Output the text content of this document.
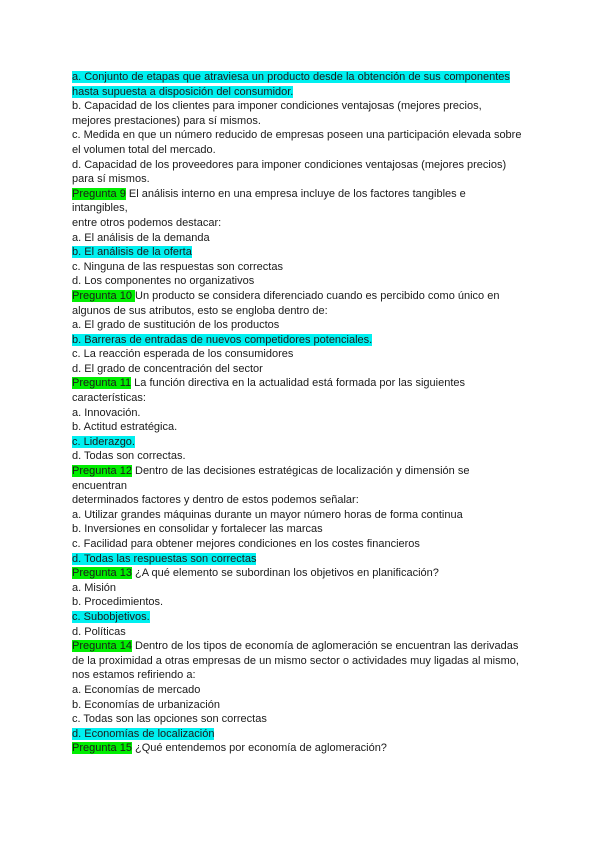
a. Conjunto de etapas que atraviesa un producto desde la obtención de sus componentes
hasta supuesta a disposición del consumidor.
b. Capacidad de los clientes para imponer condiciones ventajosas (mejores precios,
mejores prestaciones) para sí mismos.
c. Medida en que un número reducido de empresas poseen una participación elevada sobre
el volumen total del mercado.
d. Capacidad de los proveedores para imponer condiciones ventajosas (mejores precios)
para sí mismos.
Pregunta 9 El análisis interno en una empresa incluye de los factores tangibles e
intangibles,
entre otros podemos destacar:
a. El análisis de la demanda
b. El análisis de la oferta
c. Ninguna de las respuestas son correctas
d. Los componentes no organizativos
Pregunta 10 Un producto se considera diferenciado cuando es percibido como único en
algunos de sus atributos, esto se engloba dentro de:
a. El grado de sustitución de los productos
b. Barreras de entradas de nuevos competidores potenciales.
c. La reacción esperada de los consumidores
d. El grado de concentración del sector
Pregunta 11 La función directiva en la actualidad está formada por las siguientes
características:
a. Innovación.
b. Actitud estratégica.
c. Liderazgo.
d. Todas son correctas.
Pregunta 12 Dentro de las decisiones estratégicas de localización y dimensión se
encuentran
determinados factores y dentro de estos podemos señalar:
a. Utilizar grandes máquinas durante un mayor número horas de forma continua
b. Inversiones en consolidar y fortalecer las marcas
c. Facilidad para obtener mejores condiciones en los costes financieros
d. Todas las respuestas son correctas
Pregunta 13 ¿A qué elemento se subordinan los objetivos en planificación?
a. Misión
b. Procedimientos.
c. Subobjetivos.
d. Políticas
Pregunta 14 Dentro de los tipos de economía de aglomeración se encuentran las derivadas
de la proximidad a otras empresas de un mismo sector o actividades muy ligadas al mismo,
nos estamos refiriendo a:
a. Economías de mercado
b. Economías de urbanización
c. Todas son las opciones son correctas
d. Economías de localización
Pregunta 15 ¿Qué entendemos por economía de aglomeración?
